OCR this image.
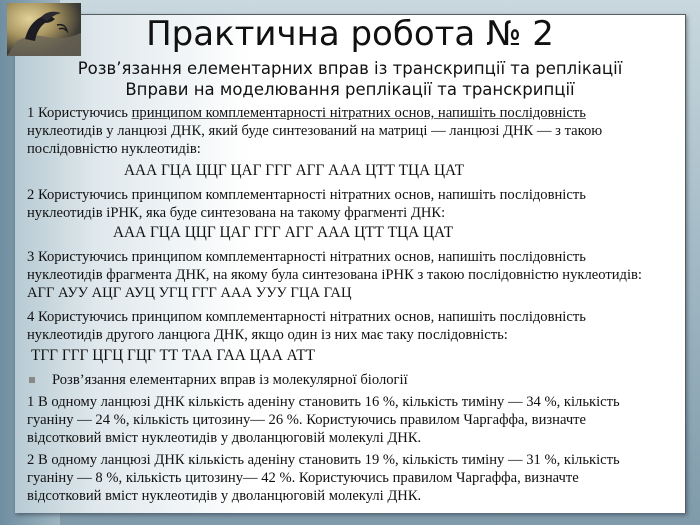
Практична робота № 2
Розв’язання елементарних вправ із транскрипції та реплікації
Вправи на моделювання реплікації та транскрипції
1 Користуючись принципом комплементарності нітратних основ, напишіть послідовність
нуклеотидів у ланцюзі ДНК, який буде синтезований на матриці — ланцюзі ДНК — з такою
послідовністю нуклеотидів:
ААА ГЦА ЦЦГ ЦАГ ГГГ АГГ ААА ЦТТ ТЦА ЦАТ
2 Користуючись принципом комплементарності нітратних основ, напишіть послідовність
нуклеотидів іРНК, яка буде синтезована на такому фрагменті ДНК:
ААА ГЦА ЦЦГ ЦАГ ГГГ АГГ ААА ЦТТ ТЦА ЦАТ
3 Користуючись принципом комплементарності нітратних основ, напишіть послідовність
нуклеотидів фрагмента ДНК, на якому була синтезована іРНК з такою послідовністю нуклеотидів:
АГГ АУУ АЦГ АУЦ УГЦ ГГГ ААА УУУ ГЦА ГАЦ
4 Користуючись принципом комплементарності нітратних основ, напишіть послідовність
нуклеотидів другого ланцюга ДНК, якщо один із них має таку послідовність:
ТГГ ГГГ ЦГЦ ГЦГ ТТ ТАА ГАА ЦАА АТТ
Розв’язання елементарних вправ із молекулярної біології
1 В одному ланцюзі ДНК кількість аденіну становить 16 %, кількість тиміну — 34 %, кількість
гуаніну — 24 %, кількість цитозину— 26 %. Користуючись правилом Чаргаффа, визначте
відсотковий вміст нуклеотидів у дволанцюговій молекулі ДНК.
2 В одному ланцюзі ДНК кількість аденіну становить 19 %, кількість тиміну — 31 %, кількість
гуаніну — 8 %, кількість цитозину— 42 %. Користуючись правилом Чаргаффа, визначте
відсотковий вміст нуклеотидів у дволанцюговій молекулі ДНК.
